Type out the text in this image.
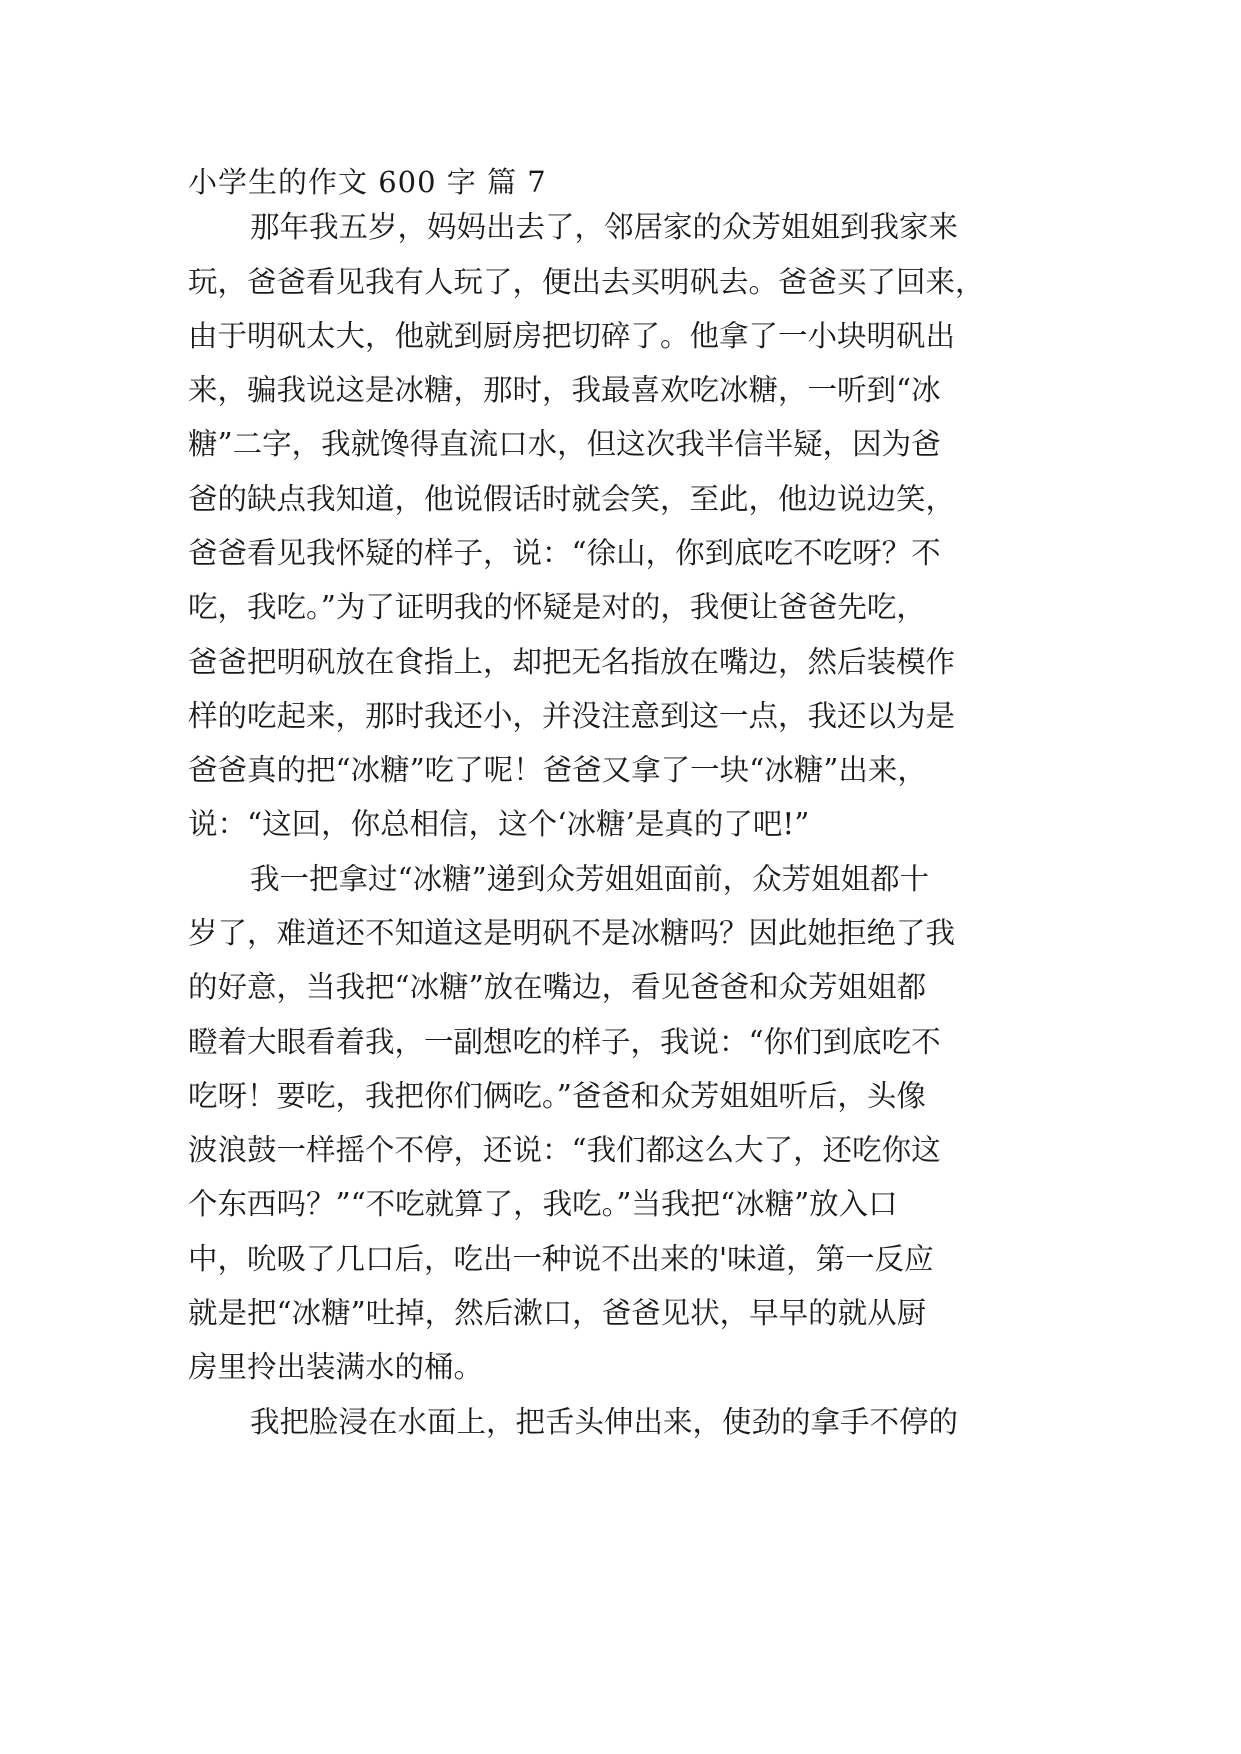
小学生的作文 600 字 篇 7
那年我五岁，妈妈出去了，邻居家的众芳姐姐到我家来
玩，爸爸看见我有人玩了，便出去买明矾去。爸爸买了回来，
由于明矾太大，他就到厨房把切碎了。他拿了一小块明矾出
来，骗我说这是冰糖，那时，我最喜欢吃冰糖，一听到“冰
糖”二字，我就馋得直流口水，但这次我半信半疑，因为爸
爸的缺点我知道，他说假话时就会笑，至此，他边说边笑，
爸爸看见我怀疑的样子，说：“徐山，你到底吃不吃呀？不
吃，我吃。”为了证明我的怀疑是对的，我便让爸爸先吃，
爸爸把明矾放在食指上，却把无名指放在嘴边，然后装模作
样的吃起来，那时我还小，并没注意到这一点，我还以为是
爸爸真的把“冰糖”吃了呢！爸爸又拿了一块“冰糖”出来，
说：“这回，你总相信，这个‘冰糖’是真的了吧!”
我一把拿过“冰糖”递到众芳姐姐面前，众芳姐姐都十
岁了，难道还不知道这是明矾不是冰糖吗？因此她拒绝了我
的好意，当我把“冰糖”放在嘴边，看见爸爸和众芳姐姐都
瞪着大眼看着我，一副想吃的样子，我说：“你们到底吃不
吃呀！要吃，我把你们俩吃。”爸爸和众芳姐姐听后，头像
波浪鼓一样摇个不停，还说：“我们都这么大了，还吃你这
个东西吗？”“不吃就算了，我吃。”当我把“冰糖”放入口
中，吮吸了几口后，吃出一种说不出来的'味道，第一反应
就是把“冰糖”吐掉，然后漱口，爸爸见状，早早的就从厨
房里拎出装满水的桶。
我把脸浸在水面上，把舌头伸出来，使劲的拿手不停的
